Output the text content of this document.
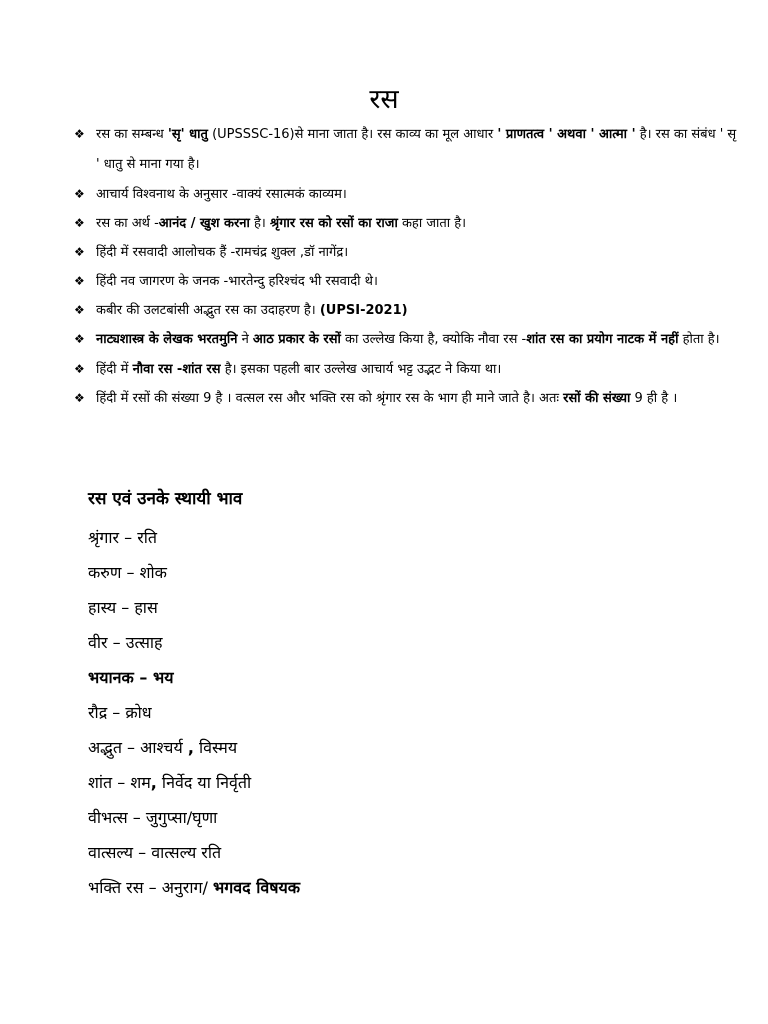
रस
❖ रस का सम्बन्ध 'सृ' धातु (UPSSSC-16)से माना जाता है। रस काव्य का मूल आधार ' प्राणतत्व ' अथवा ' आत्मा ' है। रस का संबंध ' सृ ' धातु से माना गया है।
❖ आचार्य विश्वनाथ के अनुसार -वाक्यं रसात्मकं काव्यम।
❖ रस का अर्थ -आनंद / खुश करना है। श्रृंगार रस को रसों का राजा कहा जाता है।
❖ हिंदी में रसवादी आलोचक हैं -रामचंद्र शुक्ल ,डॉ नागेंद्र।
❖ हिंदी नव जागरण के जनक -भारतेन्दु हरिश्चंद भी रसवादी थे।
❖ कबीर की उलटबांसी अद्भुत रस का उदाहरण है। (UPSI-2021)
❖ नाट्यशास्त्र के लेखक भरतमुनि ने आठ प्रकार के रसों का उल्लेख किया है, क्योकि नौवा रस -शांत रस का प्रयोग नाटक में नहीं होता है।
❖ हिंदी में नौवा रस -शांत रस है। इसका पहली बार उल्लेख आचार्य भट्ट उद्भट ने किया था।
❖ हिंदी में रसों की संख्या 9 है । वत्सल रस और भक्ति रस को श्रृंगार रस के भाग ही माने जाते है। अतः रसों की संख्या 9 ही है ।
रस एवं उनके स्थायी भाव
श्रृंगार – रति
करुण – शोक
हास्य – हास
वीर – उत्साह
भयानक – भय
रौद्र – क्रोध
अद्भुत – आश्चर्य , विस्मय
शांत – शम, निर्वेद या निर्वृती
वीभत्स – जुगुप्सा/घृणा
वात्सल्य – वात्सल्य रति
भक्ति रस – अनुराग/ भगवद विषयक
